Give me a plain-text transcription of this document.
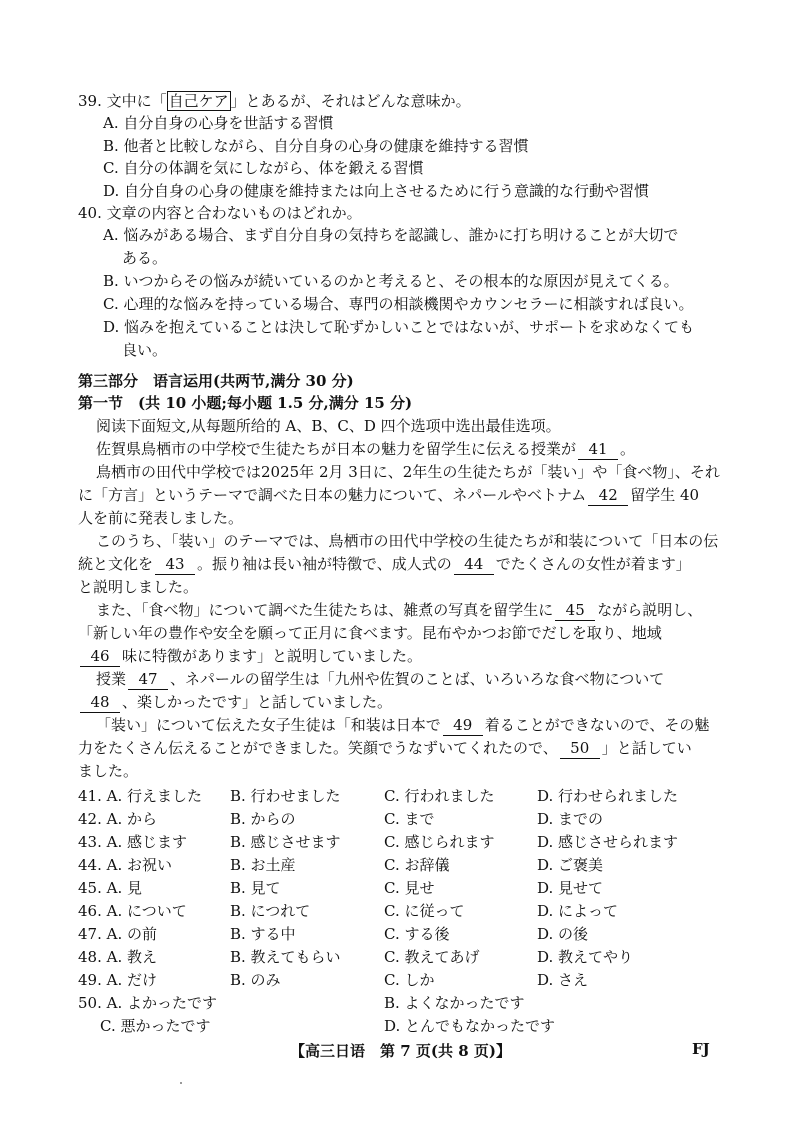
39. 文中に「 自己ケア 」とあるが、それはどんな意味か。
A. 自分自身の心身を世話する習慣
B. 他者と比較しながら、自分自身の心身の健康を維持する習慣
C. 自分の体調を気にしながら、体を鍛える習慣
D. 自分自身の心身の健康を維持または向上させるために行う意識的な行動や習慣
40. 文章の内容と合わないものはどれか。
A. 悩みがある場合、まず自分自身の気持ちを認識し、誰かに打ち明けることが大切で
ある。
B. いつからその悩みが続いているのかと考えると、その根本的な原因が見えてくる。
C. 心理的な悩みを持っている場合、専門の相談機関やカウンセラーに相談すれば良い。
D. 悩みを抱えていることは決して恥ずかしいことではないが、サポートを求めなくても
良い。
第三部分　语言运用(共两节,满分 30 分)
第一节　(共 10 小题;每小题 1.5 分,满分 15 分)
阅读下面短文,从每题所给的 A、B、C、D 四个选项中选出最佳选项。
佐賀県鳥栖市の中学校で生徒たちが日本の魅力を留学生に伝える授業が 41 。
鳥栖市の田代中学校では2025年 2月 3日に、2年生の生徒たちが「装い」や「食べ物」、それ
に「方言」というテーマで調べた日本の魅力について、ネパールやベトナム 42 留学生 40
人を前に発表しました。
このうち、「装い」のテーマでは、鳥栖市の田代中学校の生徒たちが和装について「日本の伝
統と文化を 43 。振り袖は長い袖が特徴で、成人式の 44 でたくさんの女性が着ます」
と説明しました。
また、「食べ物」について調べた生徒たちは、雑煮の写真を留学生に 45 ながら説明し、
「新しい年の豊作や安全を願って正月に食べます。昆布やかつお節でだしを取り、地域
46 味に特徴があります」と説明していました。
授業 47 、ネパールの留学生は「九州や佐賀のことば、いろいろな食べ物について
48 、楽しかったです」と話していました。
「装い」について伝えた女子生徒は「和装は日本で 49 着ることができないので、その魅
力をたくさん伝えることができました。笑顔でうなずいてくれたので、 50 」と話してい
ました。
41. A. 行えました	B. 行わせました	C. 行われました	D. 行わせられました
42. A. から	B. からの	C. まで	D. までの
43. A. 感じます	B. 感じさせます	C. 感じられます	D. 感じさせられます
44. A. お祝い	B. お土産	C. お辞儀	D. ご褒美
45. A. 見	B. 見て	C. 見せ	D. 見せて
46. A. について	B. につれて	C. に従って	D. によって
47. A. の前	B. する中	C. する後	D. の後
48. A. 教え	B. 教えてもらい	C. 教えてあげ	D. 教えてやり
49. A. だけ	B. のみ	C. しか	D. さえ
50. A. よかったです	B. よくなかったです
C. 悪かったです	D. とんでもなかったです
【高三日语　第 7 页(共 8 页)】	FJ
